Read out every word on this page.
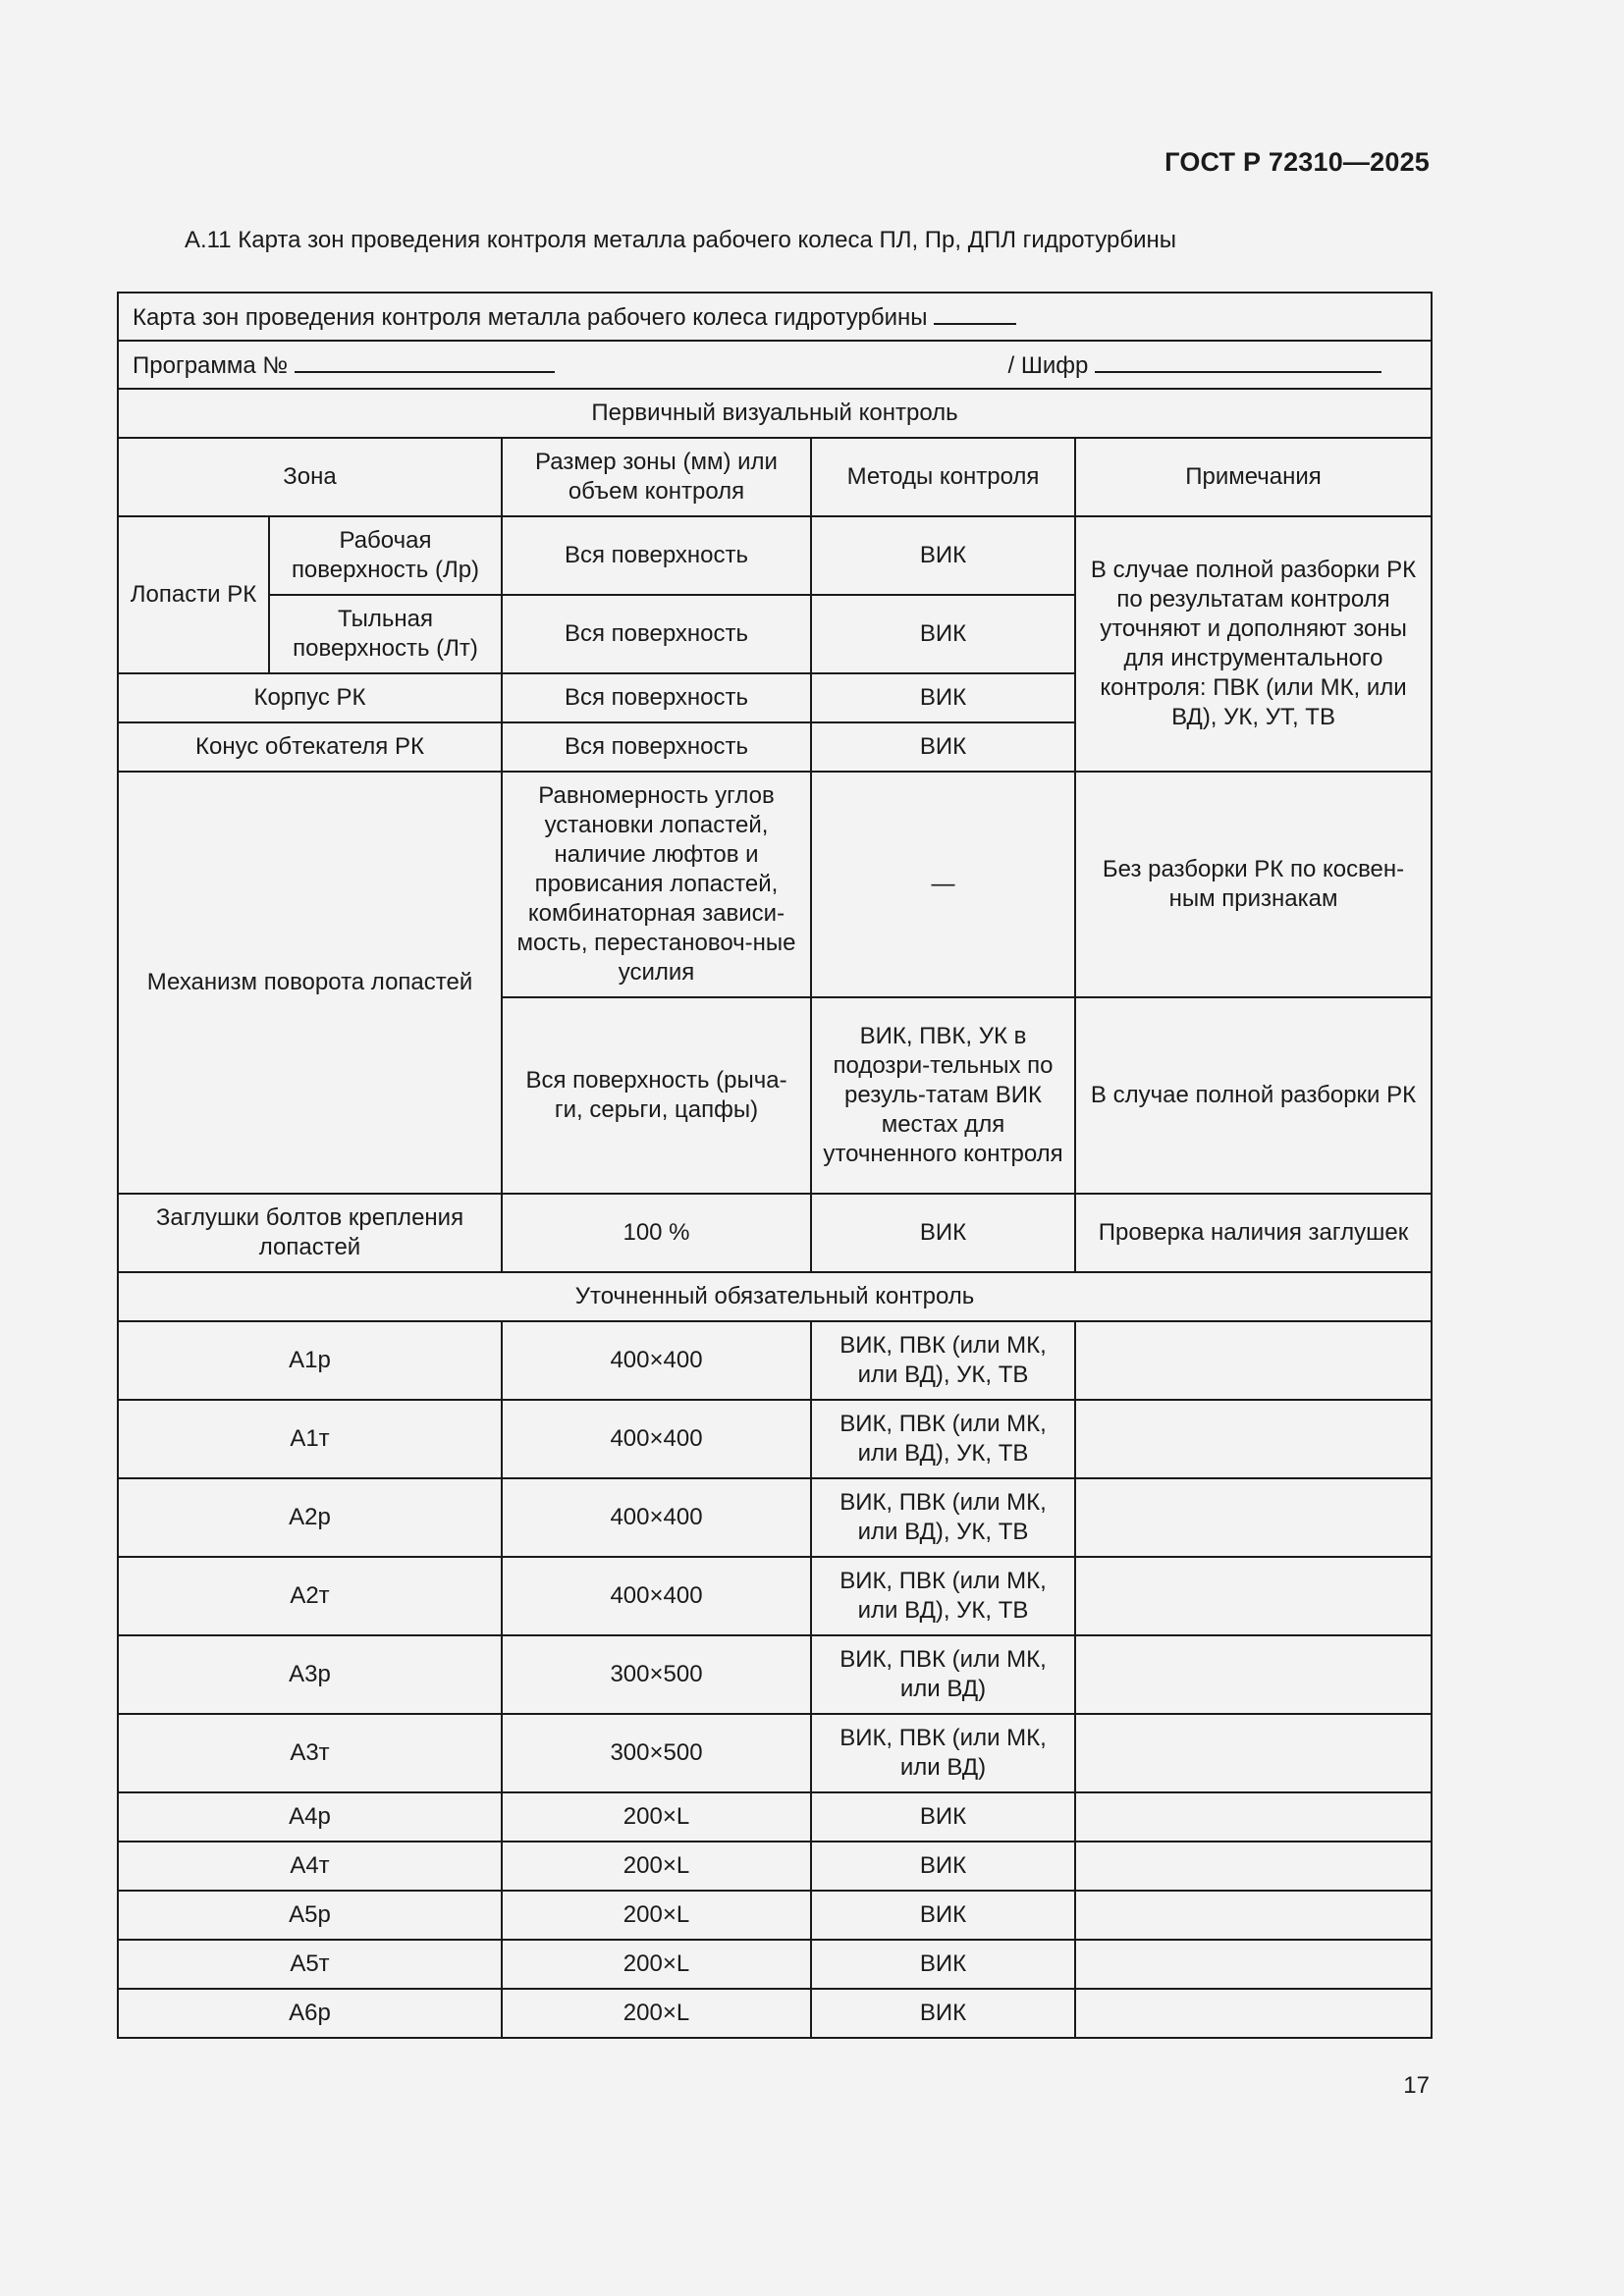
ГОСТ Р 72310—2025
А.11 Карта зон проведения контроля металла рабочего колеса ПЛ, Пр, ДПЛ гидротурбины
Карта зон проведения контроля металла рабочего колеса гидротурбины				

Программа № / Шифр				

Первичный визуальный контроль				
Зона		Размер зоны (мм) или объем контроля	Методы контроля	Примечания
Лопасти РК	Рабочая поверхность (Лр)	Вся поверхность	ВИК	В случае полной разборки РК по результатам контроля уточняют и дополняют зоны для инструментального контроля: ПВК (или МК, или ВД), УК, УТ, ТВ
	Тыльная поверхность (Лт)	Вся поверхность	ВИК	
Корпус РК		Вся поверхность	ВИК	
Конус обтекателя РК		Вся поверхность	ВИК	
Механизм поворота лопастей		Равномерность углов установки лопастей, наличие люфтов и провисания лопастей, комбинаторная зависи-мость, перестановоч-ные усилия	—	Без разборки РК по косвен-ным признакам
		Вся поверхность (рыча-ги, серьги, цапфы)	ВИК, ПВК, УК в подозри-тельных по резуль-татам ВИК местах для уточненного контроля	В случае полной разборки РК
Заглушки болтов крепления лопастей		100 %	ВИК	Проверка наличия заглушек
Уточненный обязательный контроль				
А1р		400×400	ВИК, ПВК (или МК, или ВД), УК, ТВ	
А1т		400×400	ВИК, ПВК (или МК, или ВД), УК, ТВ	
А2р		400×400	ВИК, ПВК (или МК, или ВД), УК, ТВ	
А2т		400×400	ВИК, ПВК (или МК, или ВД), УК, ТВ	
А3р		300×500	ВИК, ПВК (или МК, или ВД)	
А3т		300×500	ВИК, ПВК (или МК, или ВД)	
А4р		200×L	ВИК	
А4т		200×L	ВИК	
А5р		200×L	ВИК	
А5т		200×L	ВИК	
А6р		200×L	ВИК	
17
